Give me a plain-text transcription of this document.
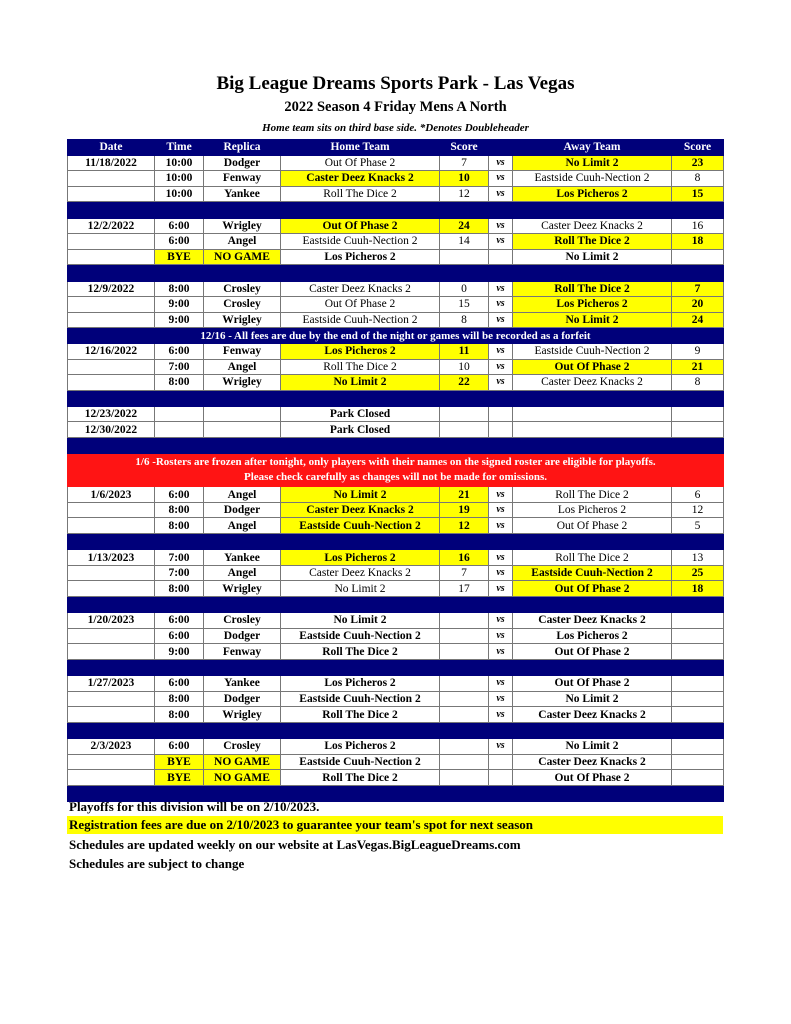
Big League Dreams Sports Park - Las Vegas
2022 Season 4 Friday Mens A North
Home team sits on third base side. *Denotes Doubleheader
Date	Time	Replica	Home Team	Score		Away Team	Score
11/18/2022	10:00	Dodger	Out Of Phase 2	7	vs	No Limit 2	23
	10:00	Fenway	Caster Deez Knacks 2	10	vs	Eastside Cuuh-Nection 2	8
	10:00	Yankee	Roll The Dice 2	12	vs	Los Picheros 2	15

12/2/2022	6:00	Wrigley	Out Of Phase 2	24	vs	Caster Deez Knacks 2	16
	6:00	Angel	Eastside Cuuh-Nection 2	14	vs	Roll The Dice 2	18
	BYE	NO GAME	Los Picheros 2			No Limit 2	

12/9/2022	8:00	Crosley	Caster Deez Knacks 2	0	vs	Roll The Dice 2	7
	9:00	Crosley	Out Of Phase 2	15	vs	Los Picheros 2	20
	9:00	Wrigley	Eastside Cuuh-Nection 2	8	vs	No Limit 2	24
12/16 - All fees are due by the end of the night or games will be recorded as a forfeit							
12/16/2022	6:00	Fenway	Los Picheros 2	11	vs	Eastside Cuuh-Nection 2	9
	7:00	Angel	Roll The Dice 2	10	vs	Out Of Phase 2	21
	8:00	Wrigley	No Limit 2	22	vs	Caster Deez Knacks 2	8

12/23/2022			Park Closed				
12/30/2022			Park Closed				

1/6 -Rosters are frozen after tonight, only players with their names on the signed roster are eligible for playoffs.
Please check carefully as changes will not be made for omissions.							

1/6/2023	6:00	Angel	No Limit 2	21	vs	Roll The Dice 2	6
	8:00	Dodger	Caster Deez Knacks 2	19	vs	Los Picheros 2	12
	8:00	Angel	Eastside Cuuh-Nection 2	12	vs	Out Of Phase 2	5

1/13/2023	7:00	Yankee	Los Picheros 2	16	vs	Roll The Dice 2	13
	7:00	Angel	Caster Deez Knacks 2	7	vs	Eastside Cuuh-Nection 2	25
	8:00	Wrigley	No Limit 2	17	vs	Out Of Phase 2	18

1/20/2023	6:00	Crosley	No Limit 2		vs	Caster Deez Knacks 2	
	6:00	Dodger	Eastside Cuuh-Nection 2		vs	Los Picheros 2	
	9:00	Fenway	Roll The Dice 2		vs	Out Of Phase 2	

1/27/2023	6:00	Yankee	Los Picheros 2		vs	Out Of Phase 2	
	8:00	Dodger	Eastside Cuuh-Nection 2		vs	No Limit 2	
	8:00	Wrigley	Roll The Dice 2		vs	Caster Deez Knacks 2	

2/3/2023	6:00	Crosley	Los Picheros 2		vs	No Limit 2	
	BYE	NO GAME	Eastside Cuuh-Nection 2			Caster Deez Knacks 2	
	BYE	NO GAME	Roll The Dice 2			Out Of Phase 2	

Playoffs for this division will be on 2/10/2023.
Registration fees are due on 2/10/2023 to guarantee your team's spot for next season
Schedules are updated weekly on our website at LasVegas.BigLeagueDreams.com
Schedules are subject to change
